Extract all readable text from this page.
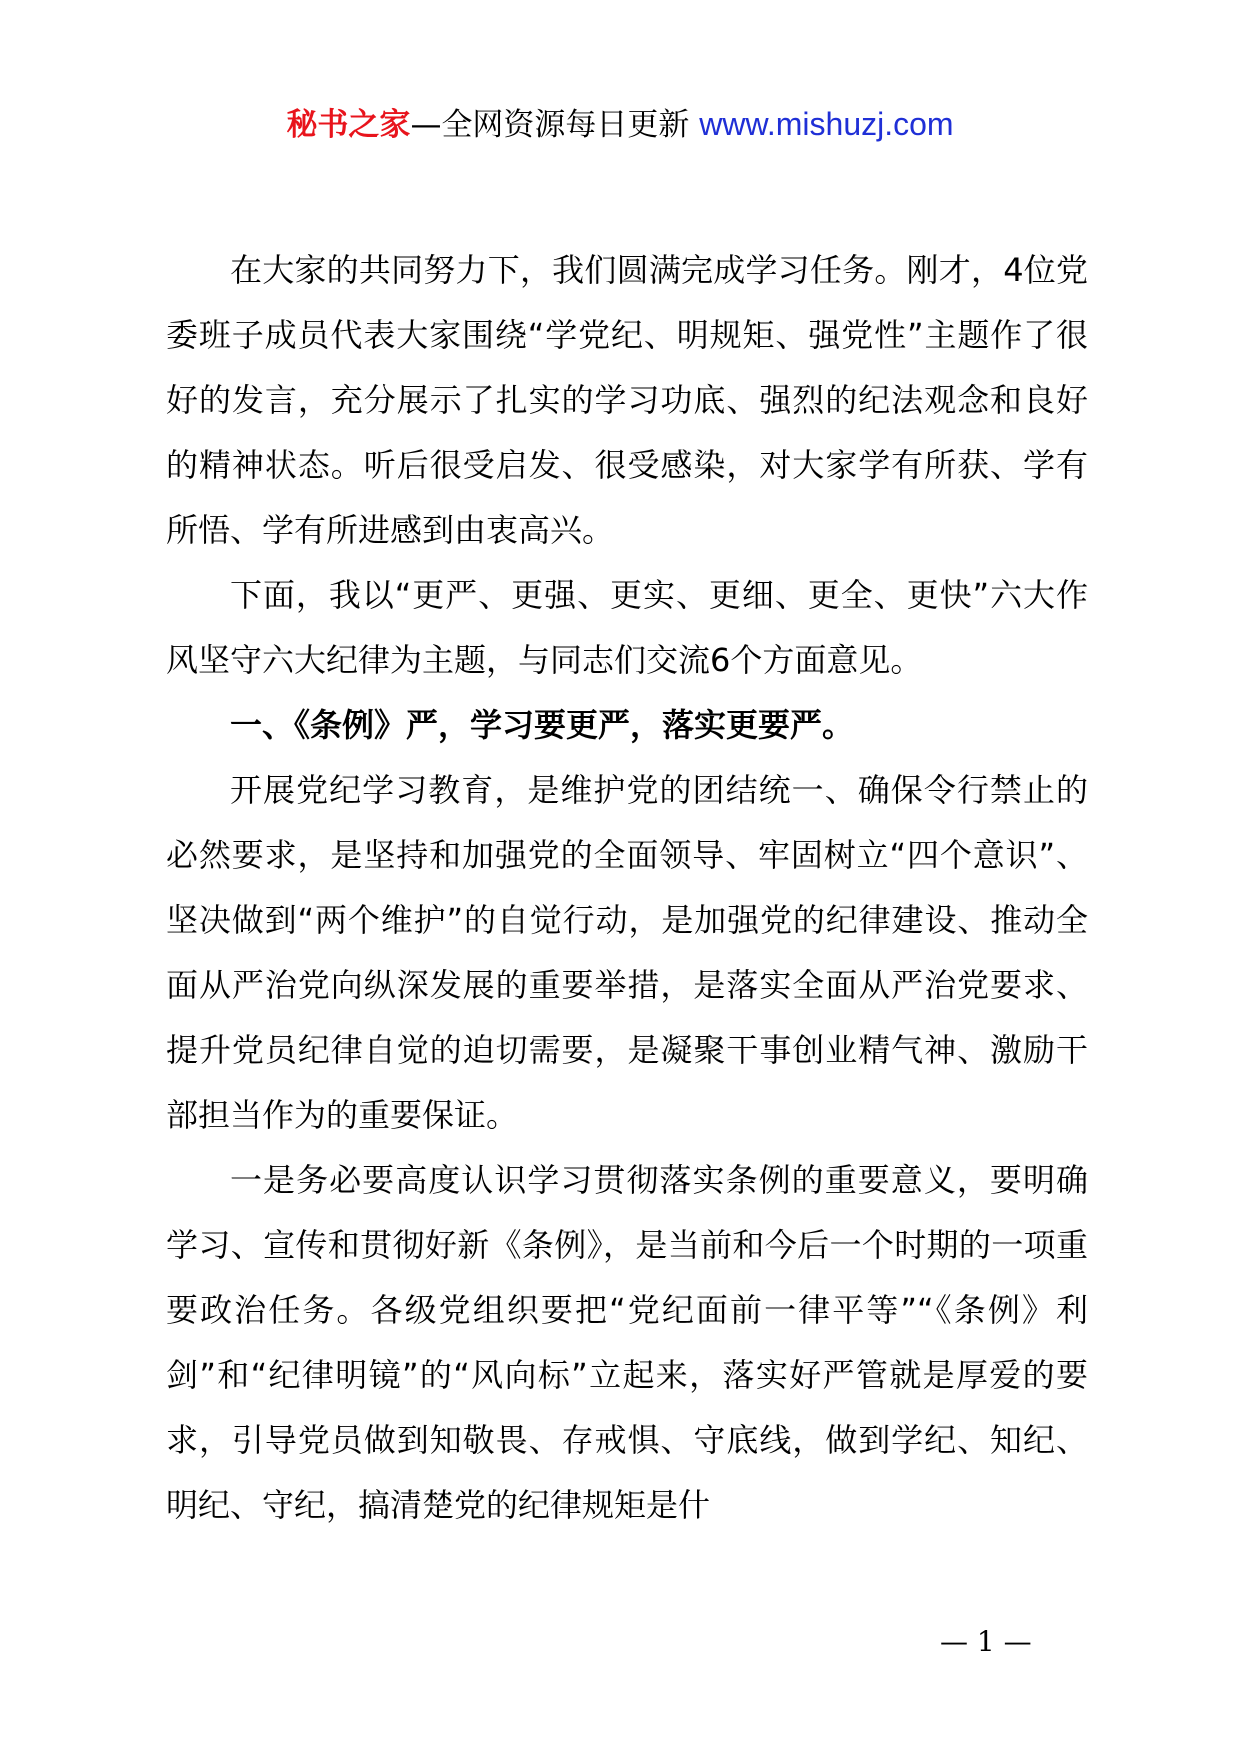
秘书之家—全网资源每日更新 www.mishuzj.com

在大家的共同努力下，我们圆满完成学习任务。刚才，4位党委班子成员代表大家围绕“学党纪、明规矩、强党性”主题作了很好的发言，充分展示了扎实的学习功底、强烈的纪法观念和良好的精神状态。听后很受启发、很受感染，对大家学有所获、学有所悟、学有所进感到由衷高兴。

下面，我以“更严、更强、更实、更细、更全、更快”六大作风坚守六大纪律为主题，与同志们交流6个方面意见。

一、《条例》严，学习要更严，落实更要严。

开展党纪学习教育，是维护党的团结统一、确保令行禁止的必然要求，是坚持和加强党的全面领导、牢固树立“四个意识”、坚决做到“两个维护”的自觉行动，是加强党的纪律建设、推动全面从严治党向纵深发展的重要举措，是落实全面从严治党要求、提升党员纪律自觉的迫切需要，是凝聚干事创业精气神、激励干部担当作为的重要保证。

一是务必要高度认识学习贯彻落实条例的重要意义，要明确学习、宣传和贯彻好新《条例》，是当前和今后一个时期的一项重要政治任务。各级党组织要把“党纪面前一律平等”“《条例》利剑”和“纪律明镜”的“风向标”立起来，落实好严管就是厚爱的要求，引导党员做到知敬畏、存戒惧、守底线，做到学纪、知纪、明纪、守纪，搞清楚党的纪律规矩是什

— 1 —
